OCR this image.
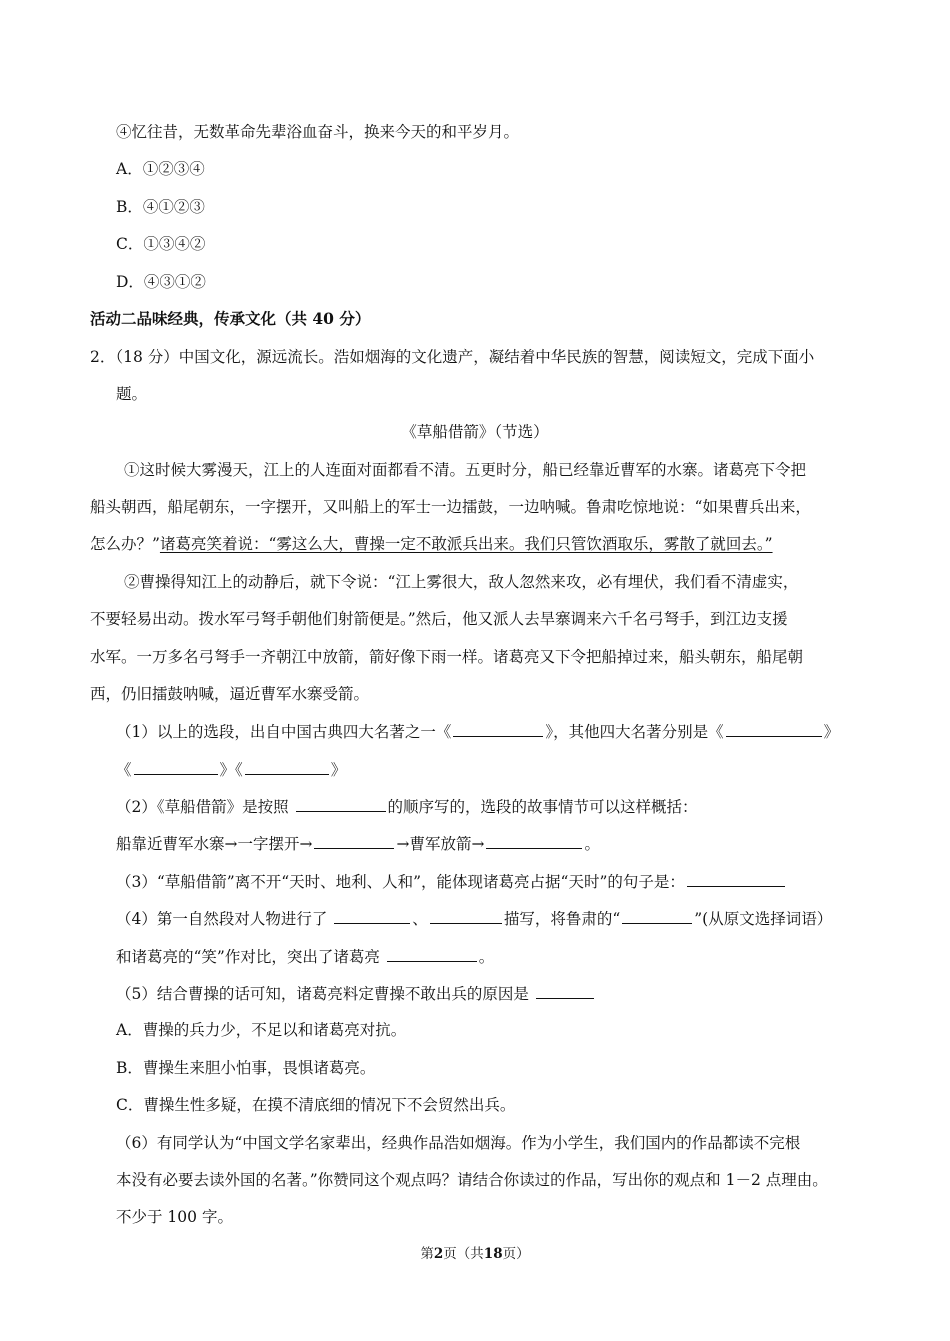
④忆往昔，无数革命先辈浴血奋斗，换来今天的和平岁月。
A．①②③④
B．④①②③
C．①③④②
D．④③①②
活动二品味经典，传承文化（共 40 分）
2．（18 分）中国文化，源远流长。浩如烟海的文化遗产，凝结着中华民族的智慧，阅读短文，完成下面小
题。
《草船借箭》（节选）
①这时候大雾漫天，江上的人连面对面都看不清。五更时分，船已经靠近曹军的水寨。诸葛亮下令把
船头朝西，船尾朝东，一字摆开，又叫船上的军士一边擂鼓，一边呐喊。鲁肃吃惊地说：“如果曹兵出来，
怎么办？”诸葛亮笑着说：“雾这么大，曹操一定不敢派兵出来。我们只管饮酒取乐，雾散了就回去。”
②曹操得知江上的动静后，就下令说：“江上雾很大，敌人忽然来攻，必有埋伏，我们看不清虚实，
不要轻易出动。拨水军弓弩手朝他们射箭便是。”然后，他又派人去旱寨调来六千名弓弩手，到江边支援
水军。一万多名弓弩手一齐朝江中放箭，箭好像下雨一样。诸葛亮又下令把船掉过来，船头朝东，船尾朝
西，仍旧擂鼓呐喊，逼近曹军水寨受箭。
（1）以上的选段，出自中国古典四大名著之一《	》，其他四大名著分别是《	》
《	》《	》
（2）《草船借箭》是按照	的顺序写的，选段的故事情节可以这样概括：
船靠近曹军水寨→一字摆开→	→曹军放箭→	。
（3）“草船借箭”离不开“天时、地利、人和”，能体现诸葛亮占据“天时”的句子是：
（4）第一自然段对人物进行了	、	描写，将鲁肃的“	”(从原文选择词语）
和诸葛亮的“笑”作对比，突出了诸葛亮	。
（5）结合曹操的话可知，诸葛亮料定曹操不敢出兵的原因是
A．曹操的兵力少，不足以和诸葛亮对抗。
B．曹操生来胆小怕事，畏惧诸葛亮。
C．曹操生性多疑，在摸不清底细的情况下不会贸然出兵。
（6）有同学认为“中国文学名家辈出，经典作品浩如烟海。作为小学生，我们国内的作品都读不完根
本没有必要去读外国的名著。”你赞同这个观点吗？请结合你读过的作品，写出你的观点和 1－2 点理由。
不少于 100 字。
第2页（共18页）
